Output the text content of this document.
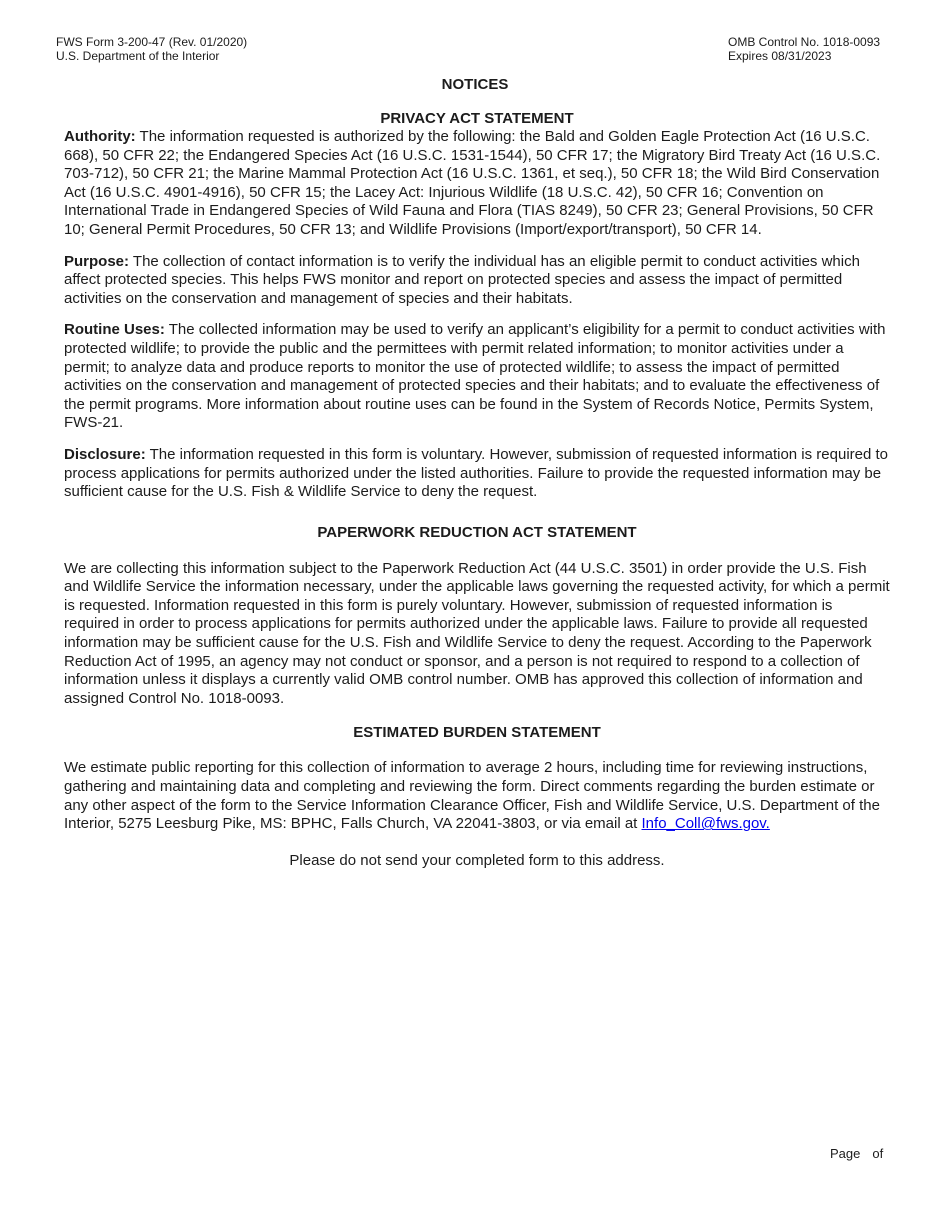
FWS Form 3-200-47 (Rev. 01/2020)
U.S. Department of the Interior
OMB Control No. 1018-0093
Expires 08/31/2023
NOTICES

PRIVACY ACT STATEMENT

Authority: The information requested is authorized by the following: the Bald and Golden Eagle Protection Act (16 U.S.C. 668), 50 CFR 22; the Endangered Species Act (16 U.S.C. 1531-1544), 50 CFR 17; the Migratory Bird Treaty Act (16 U.S.C. 703-712), 50 CFR 21; the Marine Mammal Protection Act (16 U.S.C. 1361, et seq.), 50 CFR 18; the Wild Bird Conservation Act (16 U.S.C. 4901-4916), 50 CFR 15; the Lacey Act: Injurious Wildlife (18 U.S.C. 42), 50 CFR 16; Convention on International Trade in Endangered Species of Wild Fauna and Flora (TIAS 8249), 50 CFR 23; General Provisions, 50 CFR 10; General Permit Procedures, 50 CFR 13; and Wildlife Provisions (Import/export/transport), 50 CFR 14.

Purpose: The collection of contact information is to verify the individual has an eligible permit to conduct activities which affect protected species. This helps FWS monitor and report on protected species and assess the impact of permitted activities on the conservation and management of species and their habitats.

Routine Uses: The collected information may be used to verify an applicant’s eligibility for a permit to conduct activities with protected wildlife; to provide the public and the permittees with permit related information; to monitor activities under a permit; to analyze data and produce reports to monitor the use of protected wildlife; to assess the impact of permitted activities on the conservation and management of protected species and their habitats; and to evaluate the effectiveness of the permit programs. More information about routine uses can be found in the System of Records Notice, Permits System, FWS-21.

Disclosure: The information requested in this form is voluntary. However, submission of requested information is required to process applications for permits authorized under the listed authorities. Failure to provide the requested information may be sufficient cause for the U.S. Fish & Wildlife Service to deny the request.

PAPERWORK REDUCTION ACT STATEMENT

We are collecting this information subject to the Paperwork Reduction Act (44 U.S.C. 3501) in order provide the U.S. Fish and Wildlife Service the information necessary, under the applicable laws governing the requested activity, for which a permit is requested. Information requested in this form is purely voluntary. However, submission of requested information is required in order to process applications for permits authorized under the applicable laws. Failure to provide all requested information may be sufficient cause for the U.S. Fish and Wildlife Service to deny the request. According to the Paperwork Reduction Act of 1995, an agency may not conduct or sponsor, and a person is not required to respond to a collection of information unless it displays a currently valid OMB control number. OMB has approved this collection of information and assigned Control No. 1018-0093.

ESTIMATED BURDEN STATEMENT

We estimate public reporting for this collection of information to average 2 hours, including time for reviewing instructions, gathering and maintaining data and completing and reviewing the form. Direct comments regarding the burden estimate or any other aspect of the form to the Service Information Clearance Officer, Fish and Wildlife Service, U.S. Department of the Interior, 5275 Leesburg Pike, MS: BPHC, Falls Church, VA 22041-3803, or via email at Info_Coll@fws.gov.

Please do not send your completed form to this address.

Page of
